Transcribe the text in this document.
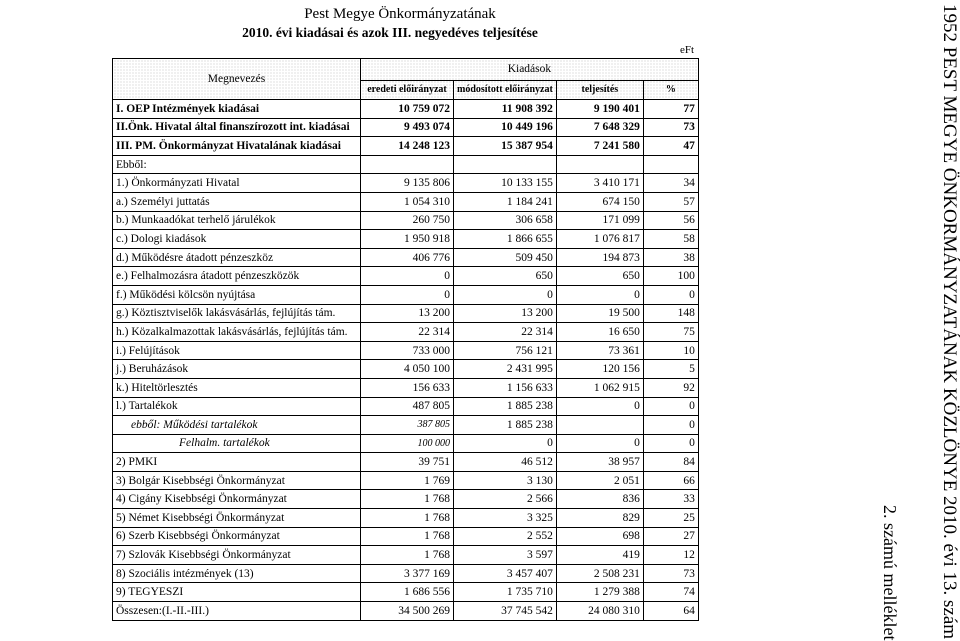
Pest Megye Önkormányzatának
2010. évi kiadásai és azok III. negyedéves teljesítése
eFt
Megnevezés	Kiadások			
	eredeti előirányzat	módosított előirányzat	teljesítés	%
I. OEP Intézmények kiadásai	10 759 072	11 908 392	9 190 401	77
II.Önk. Hivatal által finanszírozott int. kiadásai	9 493 074	10 449 196	7 648 329	73
III. PM. Önkormányzat Hivatalának kiadásai	14 248 123	15 387 954	7 241 580	47
Ebből:				
1.) Önkormányzati Hivatal	9 135 806	10 133 155	3 410 171	34
a.) Személyi juttatás	1 054 310	1 184 241	674 150	57
b.) Munkaadókat terhelő járulékok	260 750	306 658	171 099	56
c.) Dologi kiadások	1 950 918	1 866 655	1 076 817	58
d.) Működésre átadott pénzeszköz	406 776	509 450	194 873	38
e.) Felhalmozásra átadott pénzeszközök	0	650	650	100
f.) Működési kölcsön nyújtása	0	0	0	0
g.) Köztisztviselők lakásvásárlás, fejlújítás tám.	13 200	13 200	19 500	148
h.) Közalkalmazottak lakásvásárlás, fejlújítás tám.	22 314	22 314	16 650	75
i.) Felújítások	733 000	756 121	73 361	10
j.) Beruházások	4 050 100	2 431 995	120 156	5
k.) Hiteltörlesztés	156 633	1 156 633	1 062 915	92
l.) Tartalékok	487 805	1 885 238	0	0
ebből: Működési tartalékok	387 805	1 885 238		0
Felhalm. tartalékok	100 000	0	0	0
2) PMKI	39 751	46 512	38 957	84
3) Bolgár Kisebbségi Önkormányzat	1 769	3 130	2 051	66
4) Cigány Kisebbségi Önkormányzat	1 768	2 566	836	33
5) Német Kisebbségi Önkormányzat	1 768	3 325	829	25
6) Szerb Kisebbségi Önkormányzat	1 768	2 552	698	27
7) Szlovák Kisebbségi Önkormányzat	1 768	3 597	419	12
8) Szociális intézmények (13)	3 377 169	3 457 407	2 508 231	73
9) TEGYESZI	1 686 556	1 735 710	1 279 388	74
Összesen:(I.-II.-III.)	34 500 269	37 745 542	24 080 310	64	1952 PEST MEGYE ÖNKORMÁNYZATÁNAK KÖZLÖNYE 2010. évi 13. szám
2. számú melléklet
